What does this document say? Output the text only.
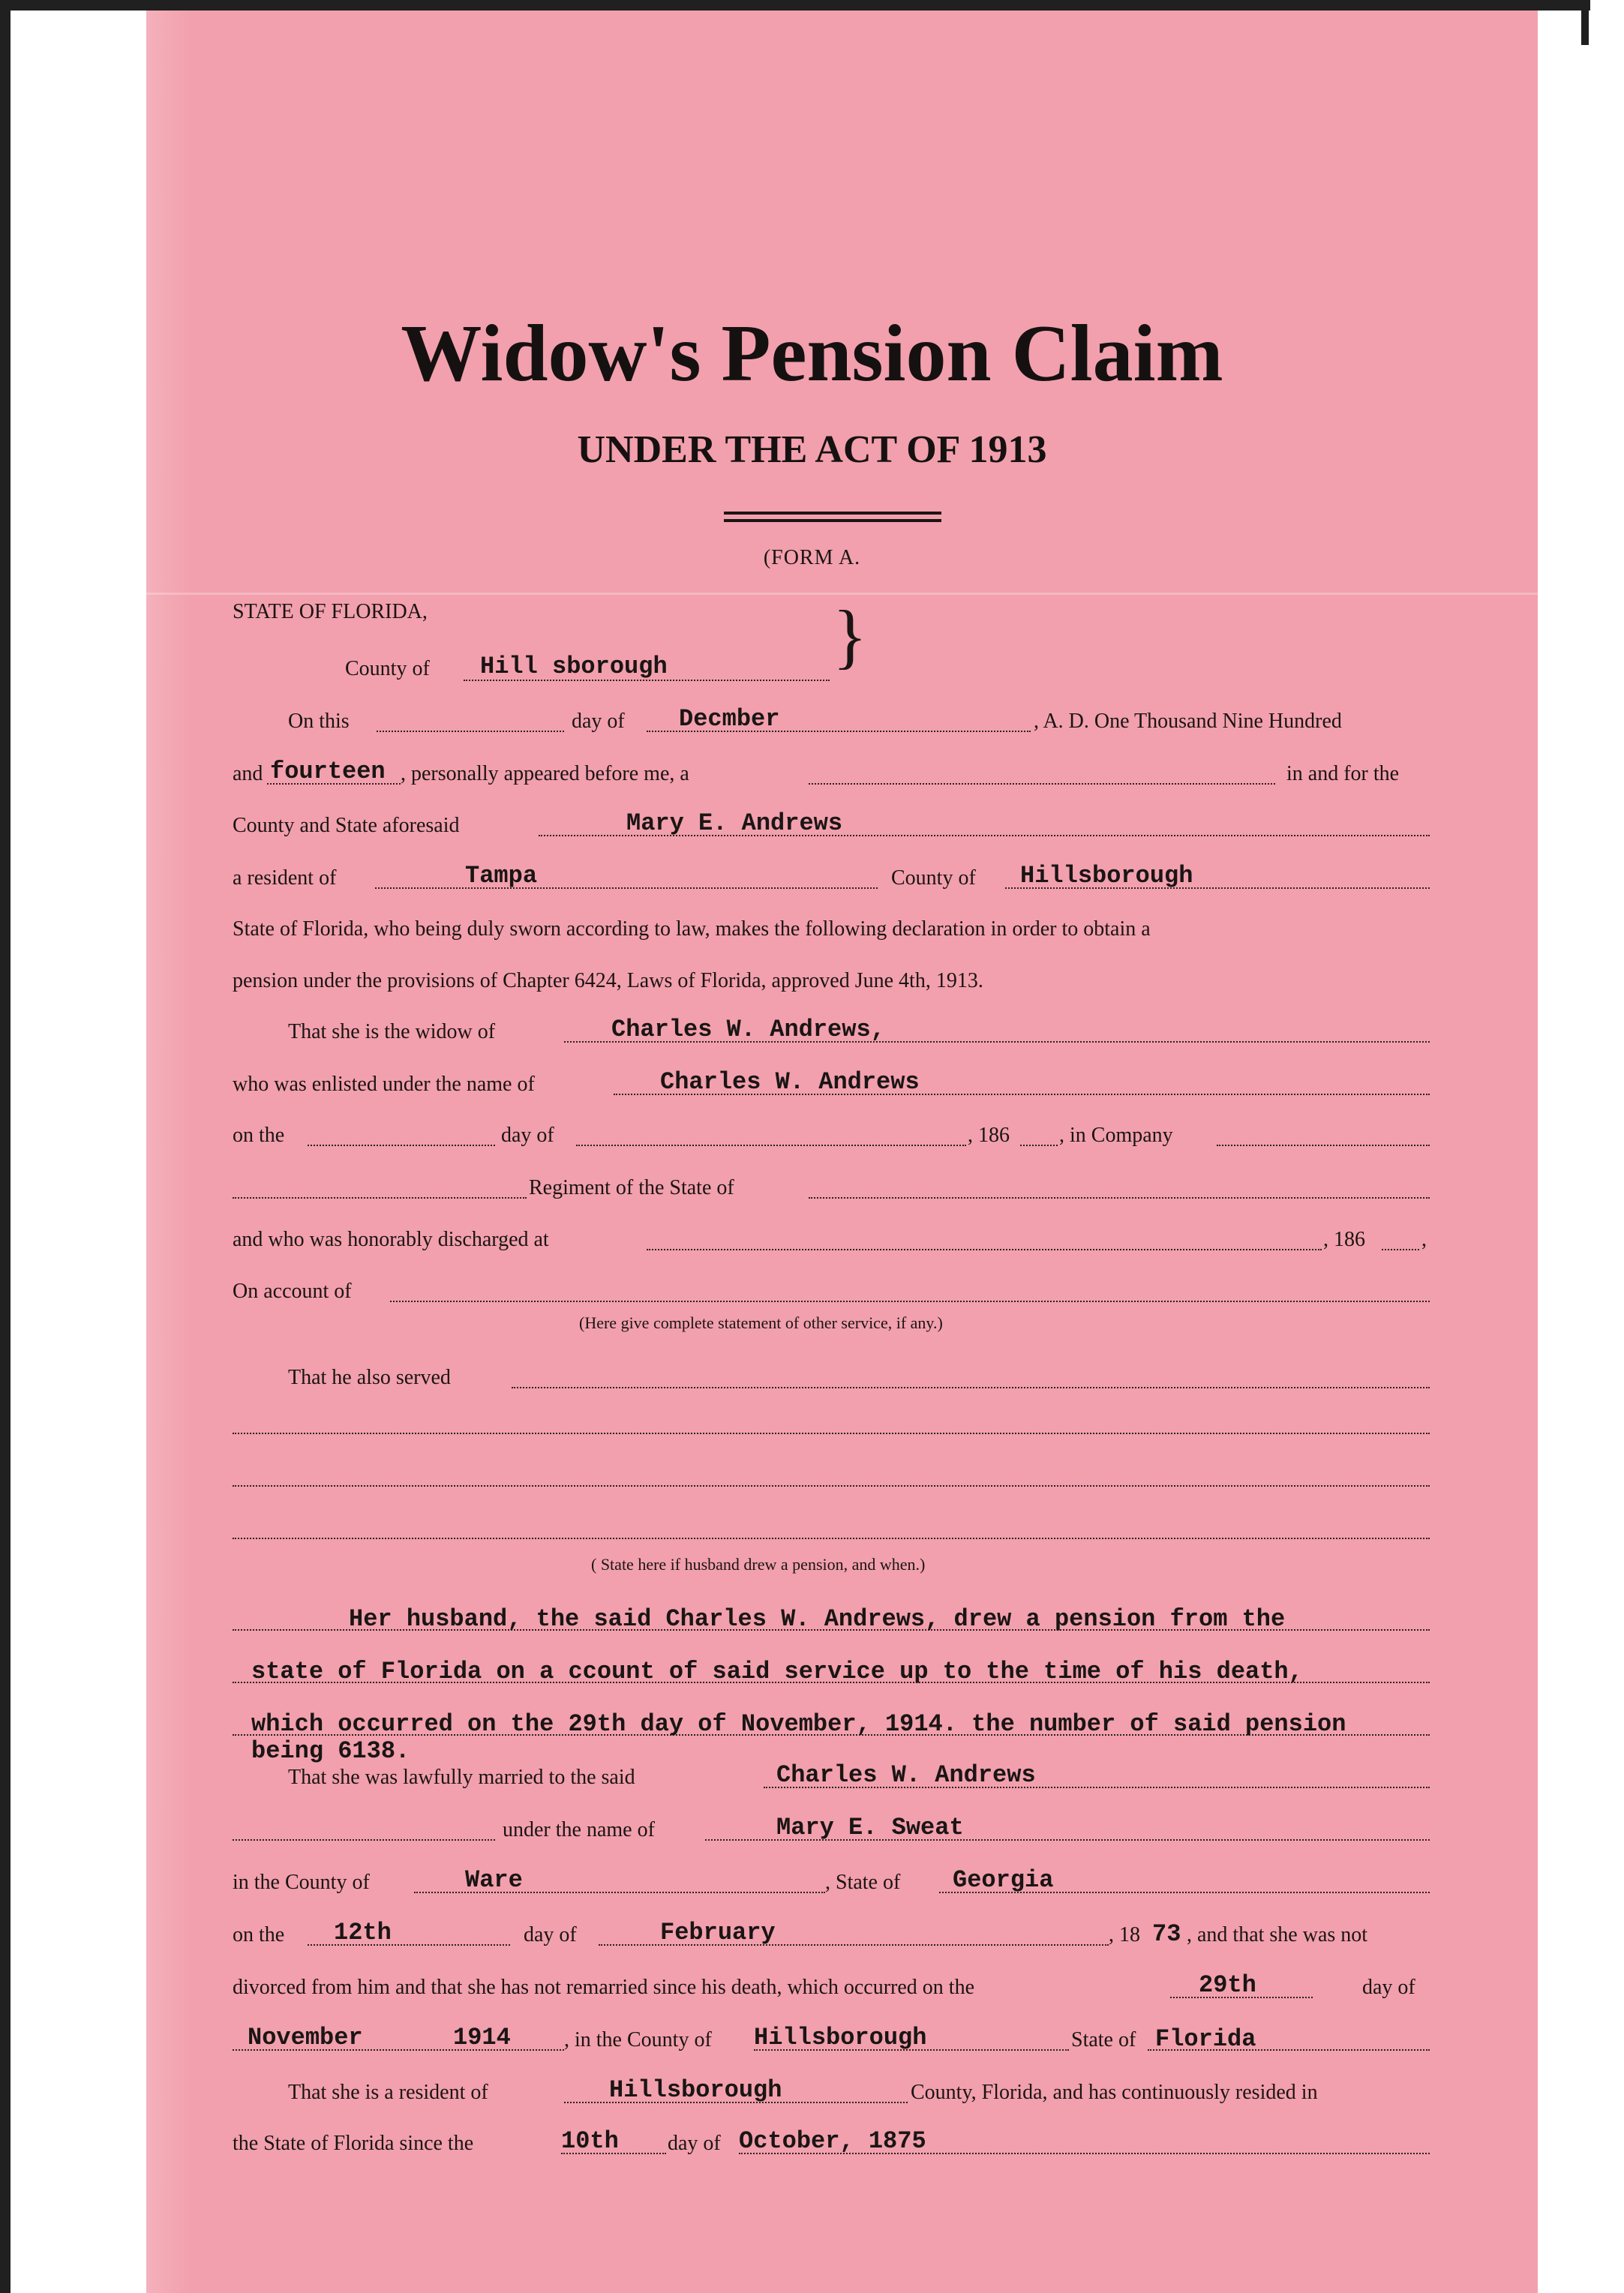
Widow's Pension Claim
UNDER THE ACT OF 1913
(FORM A.
STATE OF FLORIDA,	}
County of Hill sborough
On this	day of Decmber	, A. D. One Thousand Nine Hundred
and fourteen , personally appeared before me, a	in and for the
County and State aforesaid	Mary E. Andrews
a resident of	Tampa	County of Hillsborough
State of Florida, who being duly sworn according to law, makes the following declaration in order to obtain a
pension under the provisions of Chapter 6424, Laws of Florida, approved June 4th, 1913.
That she is the widow of	Charles W. Andrews,
who was enlisted under the name of	Charles W. Andrews
on the	day of	, 186 , in Company
Regiment of the State of
and who was honorably discharged at	, 186	,
On account of
(Here give complete statement of other service, if any.)
That he also served
( State here if husband drew a pension, and when.)
Her husband, the said Charles W. Andrews, drew a pension from the
state of Florida on a ccount of said service up to the time of his death,
which occurred on the 29th day of November, 1914. the number of said pension
being 6138.
That she was lawfully married to the said	Charles W. Andrews
under the name of	Mary E. Sweat
in the County of	Ware	, State of Georgia
on the 12th	day of	February	, 18 73 , and that she was not
divorced from him and that she has not remarried since his death, which occurred on the	29th	day of
November	1914	, in the County of Hillsborough	State of Florida
That she is a resident of	Hillsborough	County, Florida, and has continuously resided in
the State of Florida since the	10th day of October, 1875
